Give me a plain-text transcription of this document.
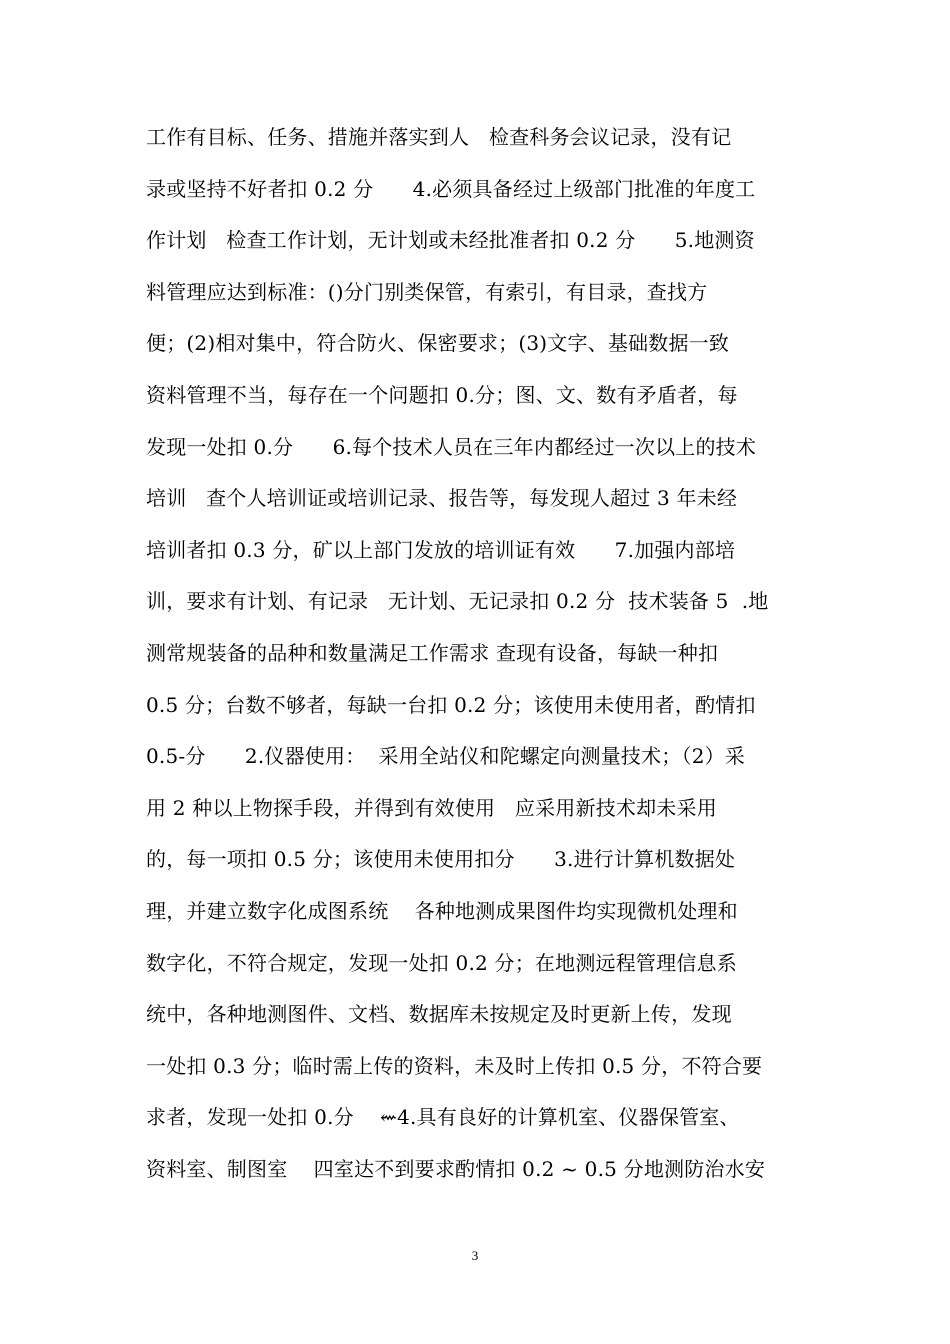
工作有目标、任务、措施并落实到人   检查科务会议记录，没有记
录或坚持不好者扣 0.2 分      4.必须具备经过上级部门批准的年度工
作计划   检查工作计划，无计划或未经批准者扣 0.2 分      5.地测资
料管理应达到标准：()分门别类保管，有索引，有目录，查找方
便；(2)相对集中，符合防火、保密要求；(3)文字、基础数据一致
资料管理不当，每存在一个问题扣 0.分；图、文、数有矛盾者，每
发现一处扣 0.分      6.每个技术人员在三年内都经过一次以上的技术
培训   查个人培训证或培训记录、报告等，每发现人超过 3 年未经
培训者扣 0.3 分，矿以上部门发放的培训证有效      7.加强内部培
训，要求有计划、有记录   无计划、无记录扣 0.2 分  技术装备 5  .地
测常规装备的品种和数量满足工作需求 查现有设备，每缺一种扣
0.5 分；台数不够者，每缺一台扣 0.2 分；该使用未使用者，酌情扣
0.5-分      2.仪器使用：  采用全站仪和陀螺定向测量技术；（2）采
用 2 种以上物探手段，并得到有效使用   应采用新技术却未采用
的，每一项扣 0.5 分；该使用未使用扣分      3.进行计算机数据处
理，并建立数字化成图系统    各种地测成果图件均实现微机处理和
数字化，不符合规定，发现一处扣 0.2 分；在地测远程管理信息系
统中，各种地测图件、文档、数据库未按规定及时更新上传，发现
一处扣 0.3 分；临时需上传的资料，未及时上传扣 0.5 分，不符合要
求者，发现一处扣 0.分    ⇜4.具有良好的计算机室、仪器保管室、
资料室、制图室    四室达不到要求酌情扣 0.2 ~ 0.5 分地测防治水安
3
